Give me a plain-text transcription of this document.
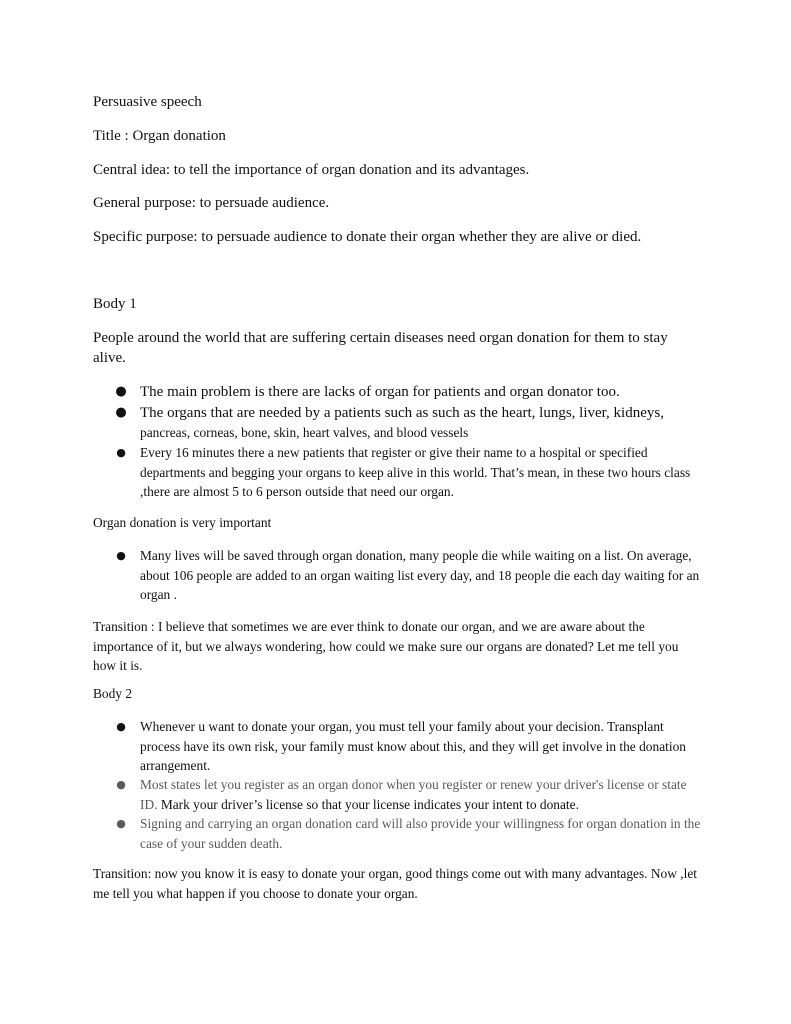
Persuasive speech

Title : Organ donation

Central idea: to tell the importance of organ donation and its advantages.

General purpose: to persuade audience.

Specific purpose: to persuade audience to donate their organ whether they are alive or died.

Body 1

People around the world that are suffering certain diseases need organ donation for them to stay alive.

● The main problem is there are lacks of organ for patients and organ donator too.
● The organs that are needed by a patients such as such as the heart, lungs, liver, kidneys,
pancreas, corneas, bone, skin, heart valves, and blood vessels
● Every 16 minutes there a new patients that register or give their name to a hospital or specified departments and begging your organs to keep alive in this world. That’s mean, in these two hours class ,there are almost 5 to 6 person outside that need our organ.

Organ donation is very important

● Many lives will be saved through organ donation, many people die while waiting on a list. On average, about 106 people are added to an organ waiting list every day, and 18 people die each day waiting for an organ .

Transition : I believe that sometimes we are ever think to donate our organ, and we are aware about the importance of it, but we always wondering, how could we make sure our organs are donated? Let me tell you how it is.

Body 2

● Whenever u want to donate your organ, you must tell your family about your decision. Transplant process have its own risk, your family must know about this, and they will get involve in the donation arrangement.
● Most states let you register as an organ donor when you register or renew your driver's license or state ID. Mark your driver’s license so that your license indicates your intent to donate.
● Signing and carrying an organ donation card will also provide your willingness for organ donation in the case of your sudden death.

Transition: now you know it is easy to donate your organ, good things come out with many advantages. Now ,let me tell you what happen if you choose to donate your organ.
